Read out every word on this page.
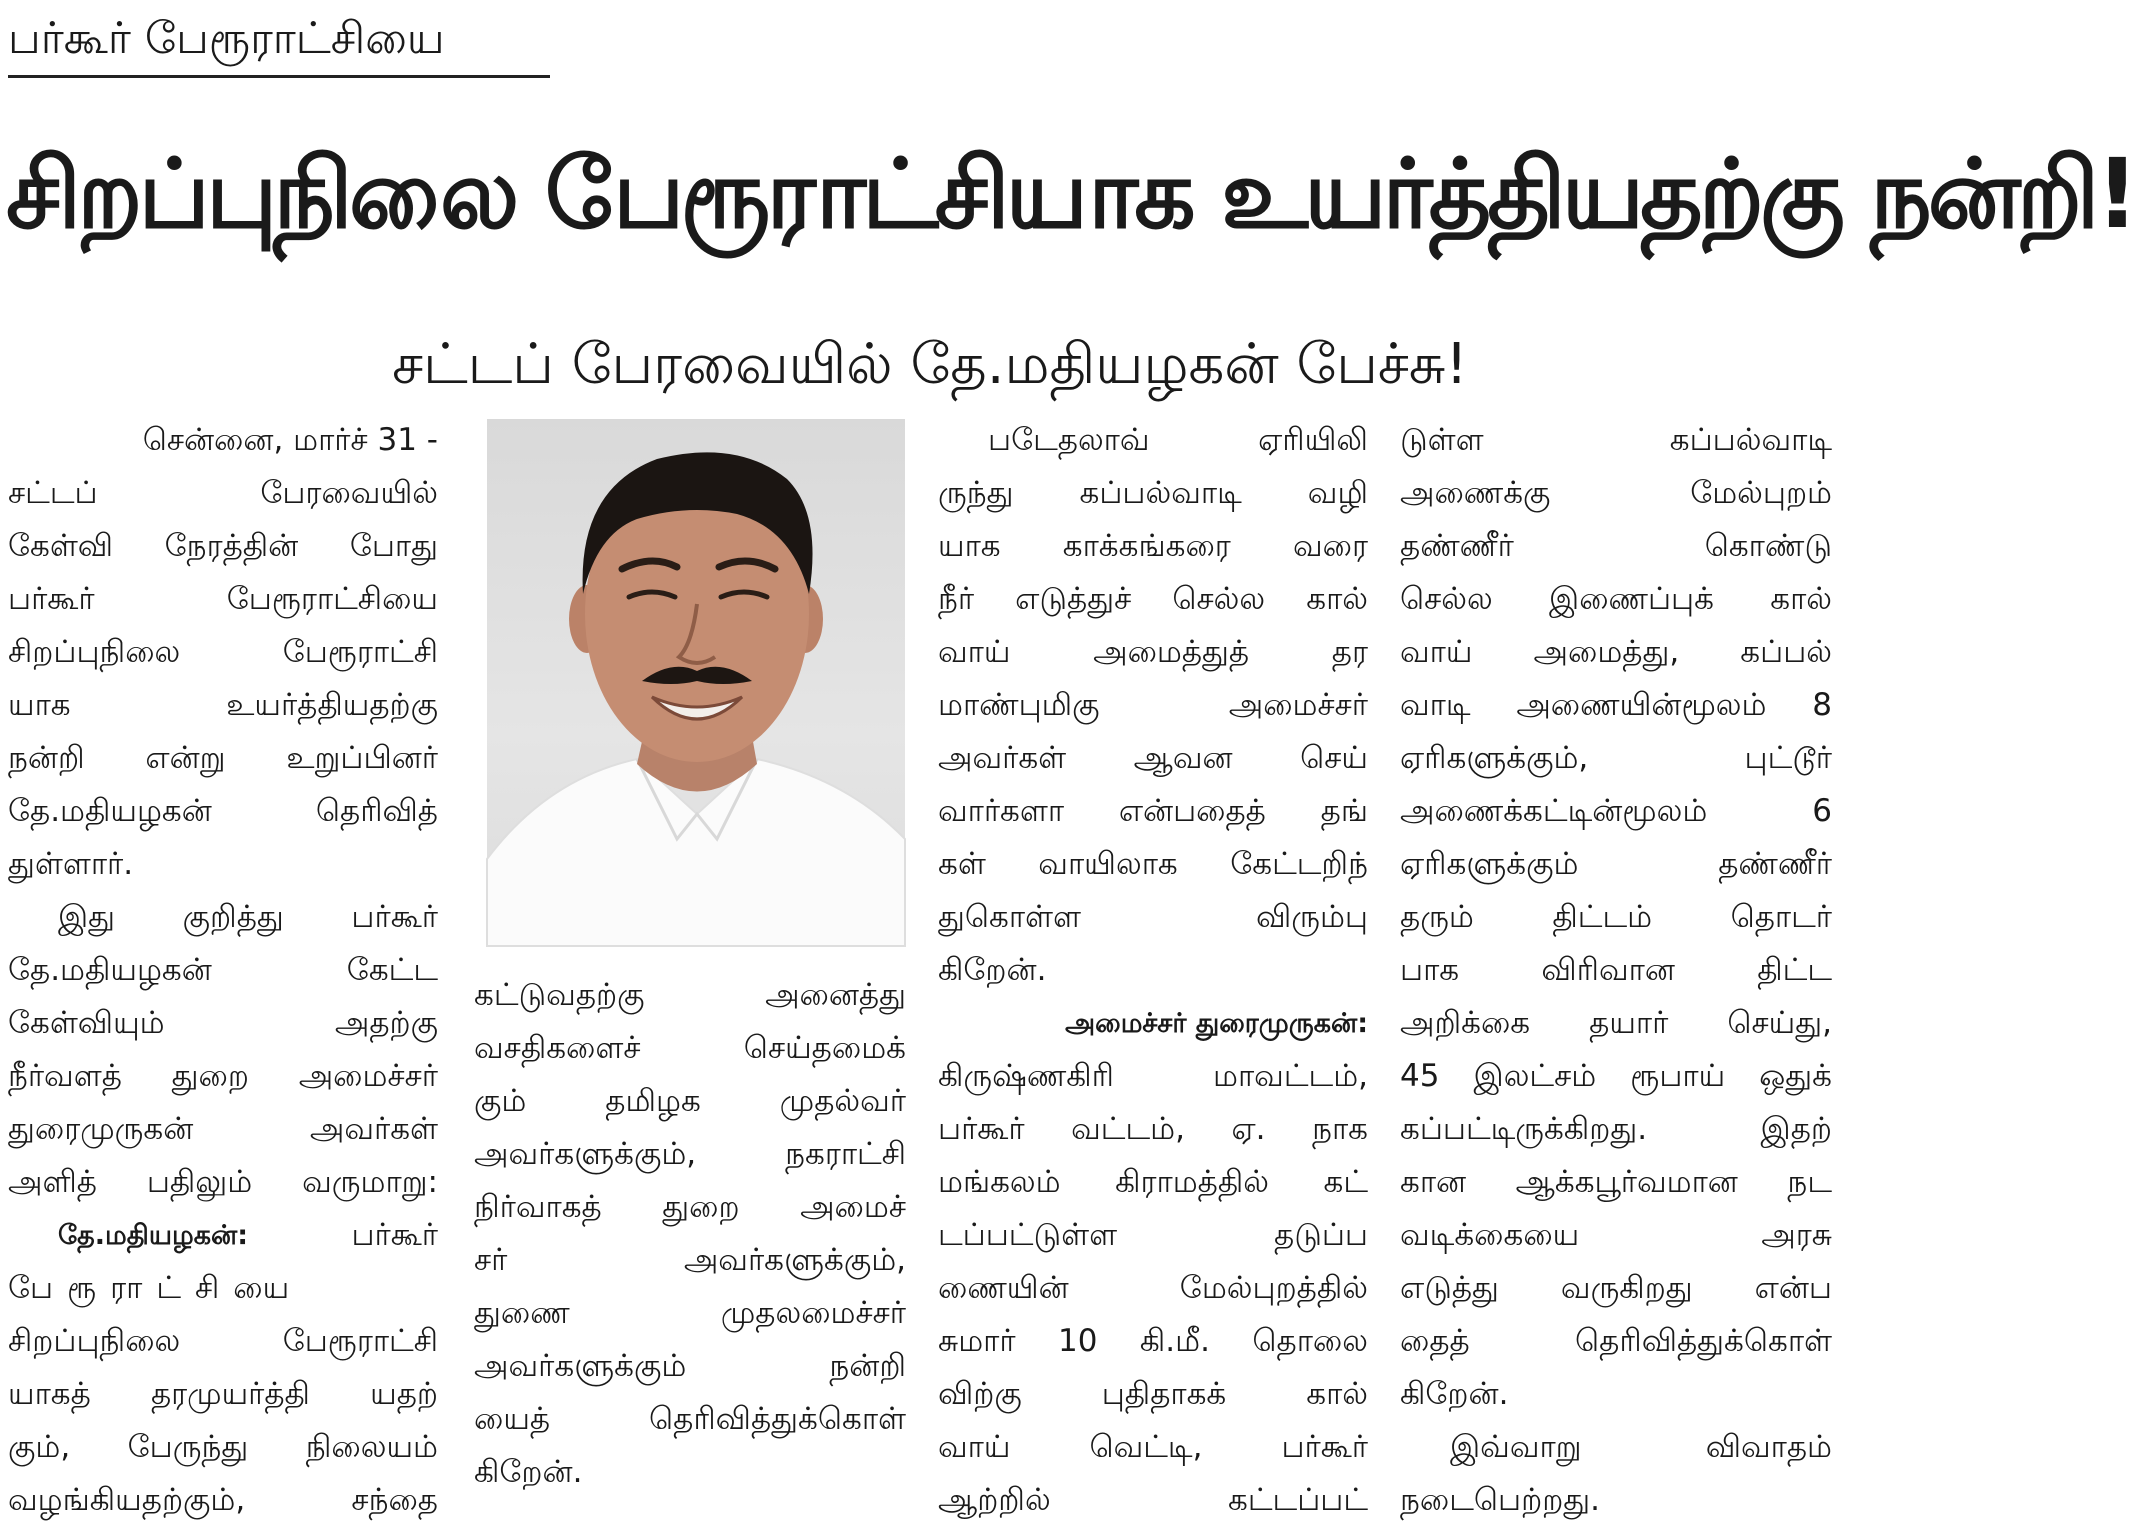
பர்கூர் பேரூராட்சியை
சிறப்புநிலை பேரூராட்சியாக உயர்த்தியதற்கு நன்றி!
சட்டப் பேரவையில் தே.மதியழகன் பேச்சு!

சென்னை, மார்ச் 31 -

சட்டப் பேரவையில்

கேள்வி நேரத்தின் போது

பர்கூர் பேரூராட்சியை

சிறப்புநிலை பேரூராட்சி

யாக உயர்த்தியதற்கு

நன்றி என்று உறுப்பினர்

தே.மதியழகன் தெரிவித்

துள்ளார்.

இது குறித்து பர்கூர்

தே.மதியழகன் கேட்ட

கேள்வியும் அதற்கு

நீர்வளத் துறை அமைச்சர்

துரைமுருகன் அவர்கள்

அளித் பதிலும் வருமாறு:

தே.மதியழகன்:	பர்கூர்

பேரூராட்சியை

சிறப்புநிலை பேரூராட்சி

யாகத் தரமுயர்த்தி யதற்

கும், பேருந்து நிலையம்

வழங்கியதற்கும், சந்தை

கட்டுவதற்கு அனைத்து

வசதிகளைச் செய்தமைக்

கும் தமிழக முதல்வர்

அவர்களுக்கும், நகராட்சி

நிர்வாகத் துறை அமைச்

சர் அவர்களுக்கும்,

துணை முதலமைச்சர்

அவர்களுக்கும் நன்றி

யைத் தெரிவித்துக்கொள்

கிறேன்.

படேதலாவ் ஏரியிலி

ருந்து கப்பல்வாடி வழி

யாக காக்கங்கரை வரை

நீர் எடுத்துச் செல்ல கால்

வாய் அமைத்துத் தர

மாண்புமிகு அமைச்சர்

அவர்கள் ஆவன செய்

வார்களா என்பதைத் தங்

கள் வாயிலாக கேட்டறிந்

துகொள்ள விரும்பு

கிறேன்.

அமைச்சர் துரைமுருகன்:

கிருஷ்ணகிரி மாவட்டம்,

பர்கூர் வட்டம், ஏ. நாக

மங்கலம் கிராமத்தில் கட்

டப்பட்டுள்ள தடுப்ப

ணையின் மேல்புறத்தில்

சுமார் 10 கி.மீ. தொலை

விற்கு புதிதாகக் கால்

வாய் வெட்டி, பர்கூர்

ஆற்றில் கட்டப்பட்

டுள்ள கப்பல்வாடி

அணைக்கு மேல்புறம்

தண்ணீர் கொண்டு

செல்ல இணைப்புக் கால்

வாய் அமைத்து, கப்பல்

வாடி அணையின்மூலம் 8

ஏரிகளுக்கும், புட்டூர்

அணைக்கட்டின்மூலம் 6

ஏரிகளுக்கும் தண்ணீர்

தரும் திட்டம் தொடர்

பாக விரிவான திட்ட

அறிக்கை தயார் செய்து,

45 இலட்சம் ரூபாய் ஒதுக்

கப்பட்டிருக்கிறது. இதற்

கான ஆக்கபூர்வமான நட

வடிக்கையை அரசு

எடுத்து வருகிறது என்ப

தைத் தெரிவித்துக்கொள்

கிறேன்.

இவ்வாறு விவாதம்

நடைபெற்றது.
